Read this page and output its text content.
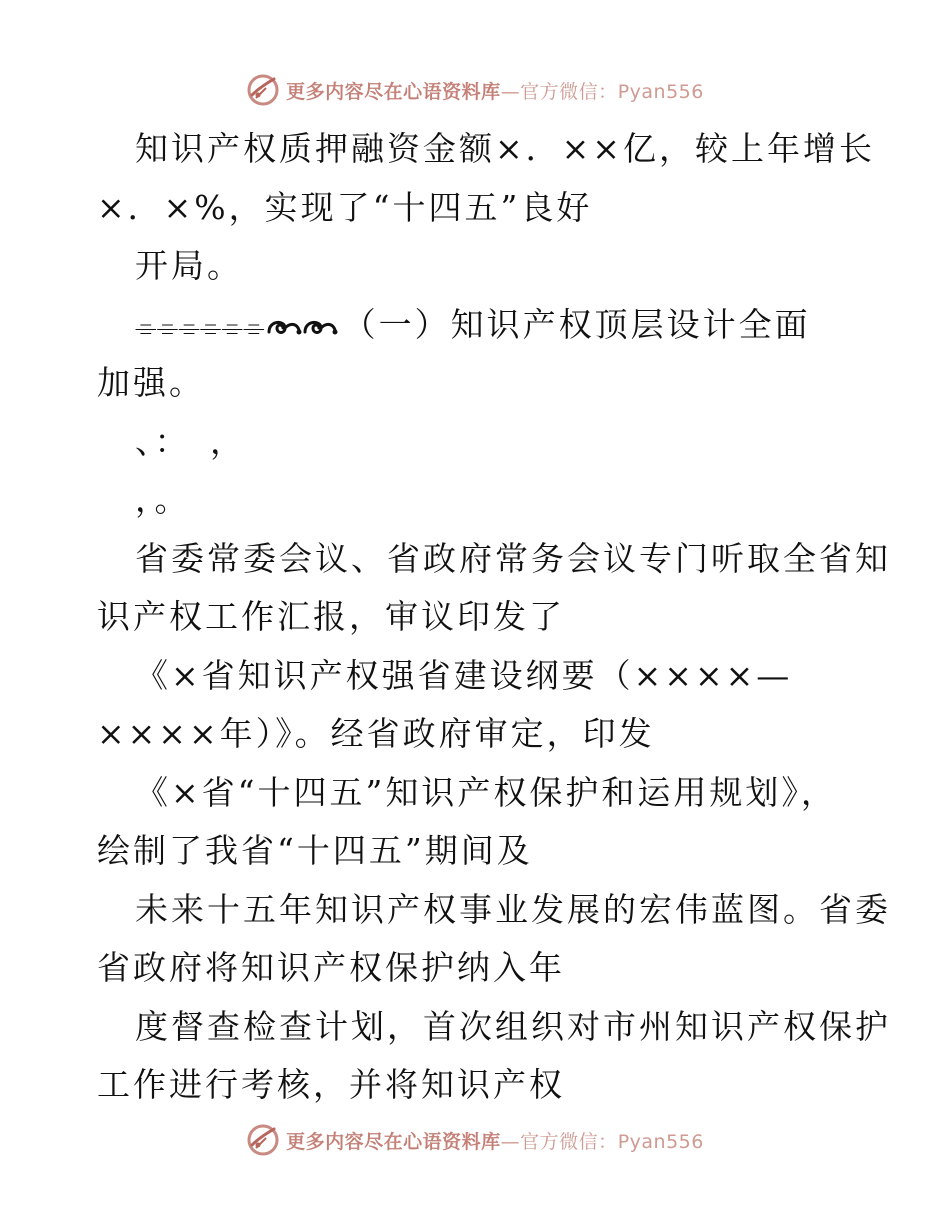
更多内容尽在心语资料库—官方微信：Pyan556
知识产权质押融资金额×．××亿，较上年增长
×．×%，实现了“十四五”良好
开局。
⌯⌯⌯⌯⌯⌯ （一）知识产权顶层设计全面
加强。
、：　，
，。
省委常委会议、省政府常务会议专门听取全省知
识产权工作汇报，审议印发了
《×省知识产权强省建设纲要（××××—
××××年）》。经省政府审定，印发
《×省“十四五”知识产权保护和运用规划》，
绘制了我省“十四五”期间及
未来十五年知识产权事业发展的宏伟蓝图。省委
省政府将知识产权保护纳入年
度督查检查计划，首次组织对市州知识产权保护
工作进行考核，并将知识产权
更多内容尽在心语资料库—官方微信：Pyan556
